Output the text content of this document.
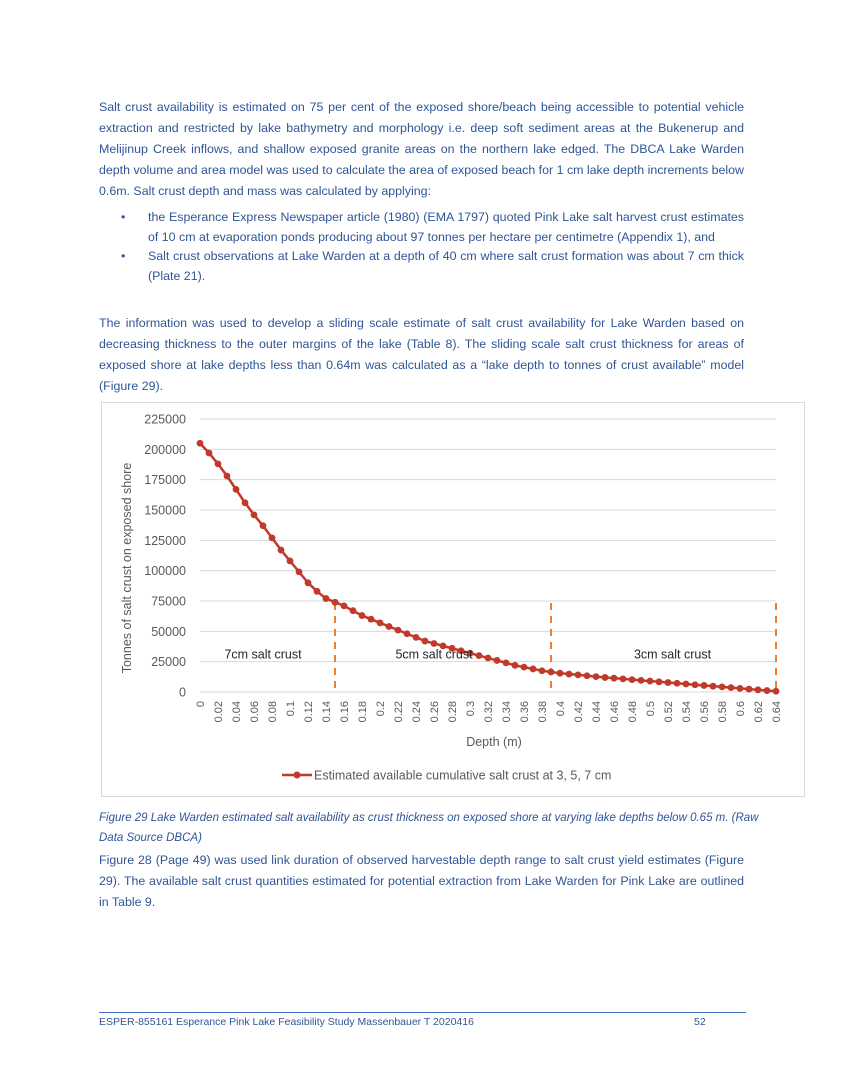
Salt crust availability is estimated on 75 per cent of the exposed shore/beach being accessible to potential vehicle extraction and restricted by lake bathymetry and morphology i.e. deep soft sediment areas at the Bukenerup and Melijinup Creek inflows, and shallow exposed granite areas on the northern lake edged. The DBCA Lake Warden depth volume and area model was used to calculate the area of exposed beach for 1 cm lake depth increments below 0.6m. Salt crust depth and mass was calculated by applying:

• the Esperance Express Newspaper article (1980) (EMA 1797) quoted Pink Lake salt harvest crust estimates of 10 cm at evaporation ponds producing about 97 tonnes per hectare per centimetre (Appendix 1), and
• Salt crust observations at Lake Warden at a depth of 40 cm where salt crust formation was about 7 cm thick (Plate 21).

The information was used to develop a sliding scale estimate of salt crust availability for Lake Warden based on decreasing thickness to the outer margins of the lake (Table 8). The sliding scale salt crust thickness for areas of exposed shore at lake depths less than 0.64m was calculated as a “lake depth to tonnes of crust available” model (Figure 29).

0
25000
50000
75000
100000
125000
150000
175000
200000
225000
0 0.02 0.04 0.06 0.08 0.1 0.12 0.14 0.16 0.18 0.2 0.22 0.24 0.26 0.28 0.3 0.32 0.34 0.36 0.38 0.4 0.42 0.44 0.46 0.48 0.5 0.52 0.54 0.56 0.58 0.6 0.62 0.64
7cm salt crust	5cm salt crust	3cm salt crust
Tonnes of salt crust on exposed shore
Depth (m)
Estimated available cumulative salt crust at 3, 5, 7 cm

Figure 29 Lake Warden estimated salt availability as crust thickness on exposed shore at varying lake depths below 0.65 m. (Raw Data Source DBCA)

Figure 28 (Page 49) was used link duration of observed harvestable depth range to salt crust yield estimates (Figure 29). The available salt crust quantities estimated for potential extraction from Lake Warden for Pink Lake are outlined in Table 9.

ESPER-855161 Esperance Pink Lake Feasibility Study Massenbauer T 2020416	52
